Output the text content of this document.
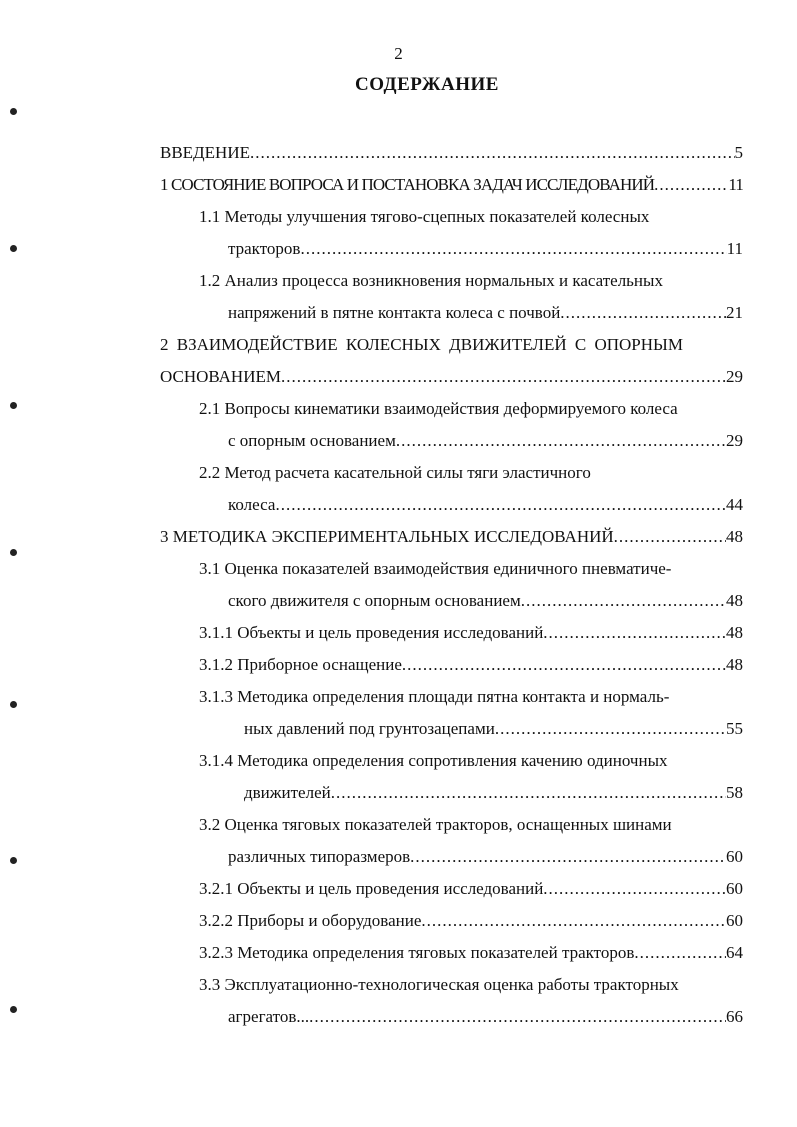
2
СОДЕРЖАНИЕ
ВВЕДЕНИЕ .....	5
1 СОСТОЯНИЕ ВОПРОСА И ПОСТАНОВКА ЗАДАЧ ИССЛЕДОВАНИЙ .....	11
1.1 Методы улучшения тягово-сцепных показателей колесных
тракторов .....	11
1.2 Анализ процесса возникновения нормальных и касательных
напряжений в пятне контакта колеса с почвой .....	21
2 ВЗАИМОДЕЙСТВИЕ КОЛЕСНЫХ ДВИЖИТЕЛЕЙ С ОПОРНЫМ
ОСНОВАНИЕМ .....	29
2.1 Вопросы кинематики взаимодействия деформируемого колеса
с опорным основанием .....	29
2.2 Метод расчета касательной силы тяги эластичного
колеса .....	44
3 МЕТОДИКА ЭКСПЕРИМЕНТАЛЬНЫХ ИССЛЕДОВАНИЙ .....	48
3.1 Оценка показателей взаимодействия единичного пневматиче-
ского движителя с опорным основанием .....	48
3.1.1 Объекты и цель проведения исследований .....	48
3.1.2 Приборное оснащение .....	48
3.1.3 Методика определения площади пятна контакта и нормаль-
ных давлений под грунтозацепами .....	55
3.1.4 Методика определения сопротивления качению одиночных
движителей .....	58
3.2 Оценка тяговых показателей тракторов, оснащенных шинами
различных типоразмеров .....	60
3.2.1 Объекты и цель проведения исследований .....	60
3.2.2 Приборы и оборудование .....	60
3.2.3 Методика определения тяговых показателей тракторов .....	64
3.3 Эксплуатационно-технологическая оценка работы тракторных
агрегатов... .....	66
